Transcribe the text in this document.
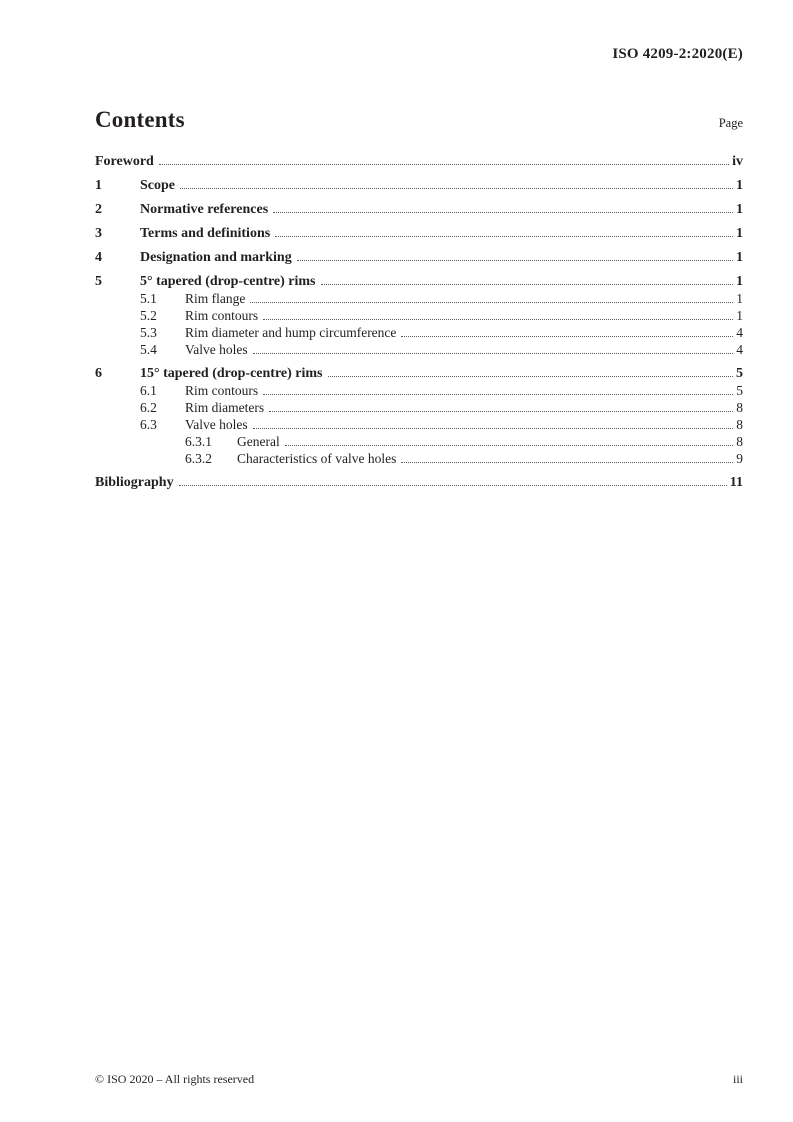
ISO 4209-2:2020(E)
Contents	Page
Foreword	iv
1	Scope	1
2	Normative references	1
3	Terms and definitions	1
4	Designation and marking	1
5	5° tapered (drop-centre) rims	1
5.1	Rim flange	1
5.2	Rim contours	1
5.3	Rim diameter and hump circumference	4
5.4	Valve holes	4
6	15° tapered (drop-centre) rims	5
6.1	Rim contours	5
6.2	Rim diameters	8
6.3	Valve holes	8
6.3.1	General	8
6.3.2	Characteristics of valve holes	9
Bibliography	11
© ISO 2020 – All rights reserved	iii
